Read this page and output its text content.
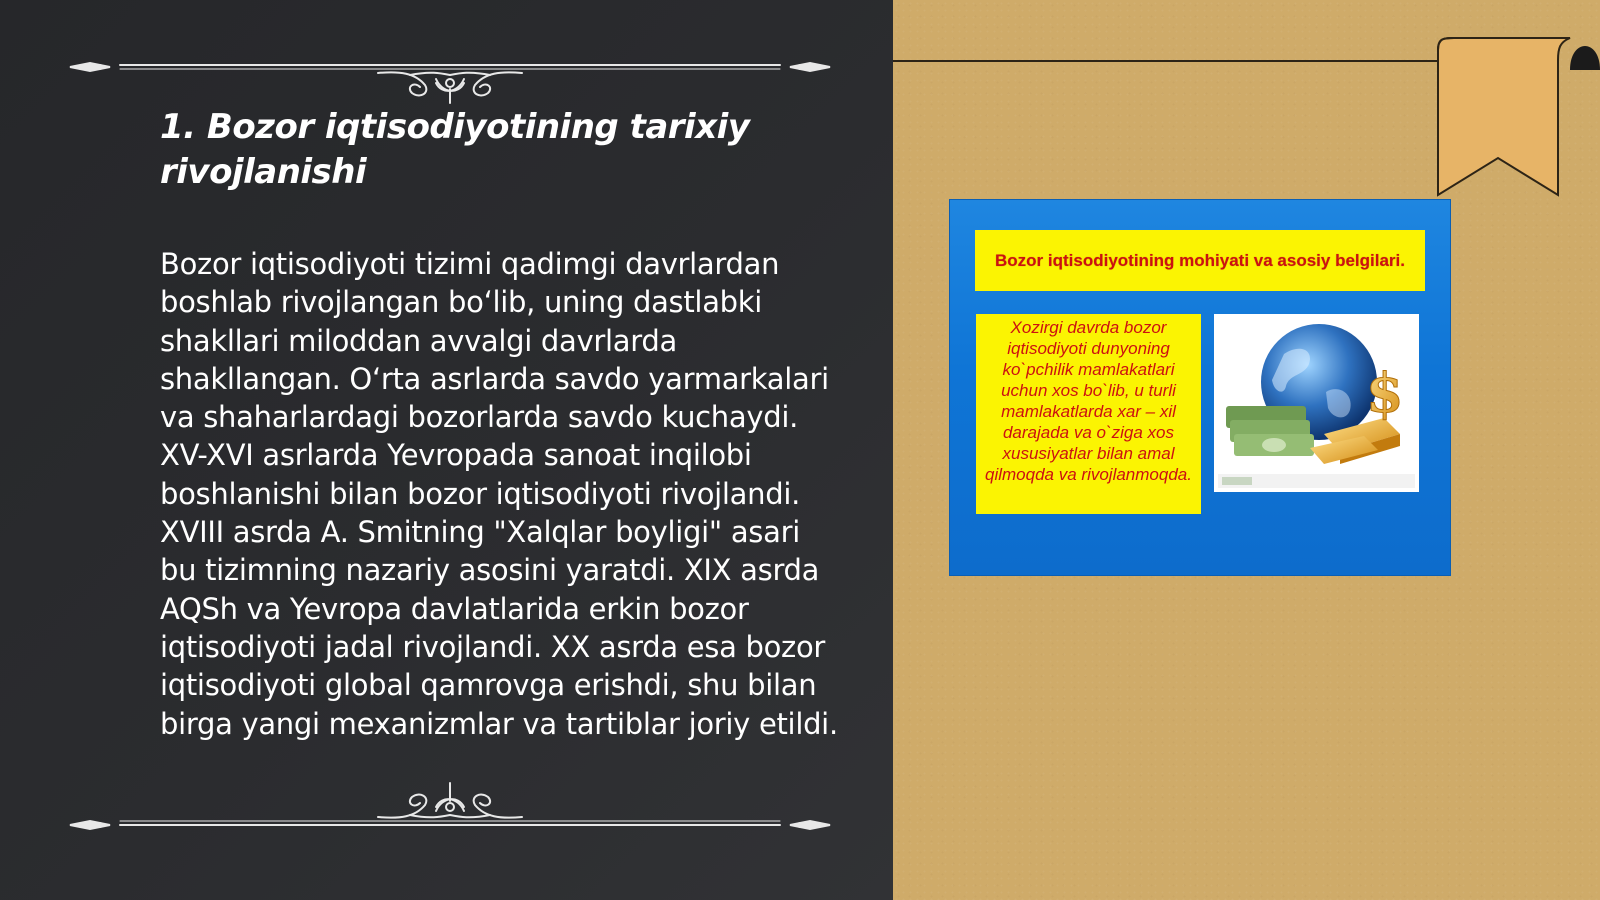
1. Bozor iqtisodiyotining tarixiy rivojlanishi

Bozor iqtisodiyoti tizimi qadimgi davrlardan boshlab rivojlangan bo‘lib, uning dastlabki shakllari miloddan avvalgi davrlarda shakllangan. O‘rta asrlarda savdo yarmarkalari va shaharlardagi bozorlarda savdo kuchaydi. XV-XVI asrlarda Yevropada sanoat inqilobi boshlanishi bilan bozor iqtisodiyoti rivojlandi. XVIII asrda A. Smitning "Xalqlar boyligi" asari bu tizimning nazariy asosini yaratdi. XIX asrda AQSh va Yevropa davlatlarida erkin bozor iqtisodiyoti jadal rivojlandi. XX asrda esa bozor iqtisodiyoti global qamrovga erishdi, shu bilan birga yangi mexanizmlar va tartiblar joriy etildi.

Bozor iqtisodiyotining mohiyati va asosiy belgilari.
Xozirgi davrda bozor iqtisodiyoti dunyoning ko`pchilik mamlakatlari uchun xos bo`lib, u turli mamlakatlarda xar – xil darajada va o`ziga xos xususiyatlar bilan amal qilmoqda va rivojlanmoqda.
$
